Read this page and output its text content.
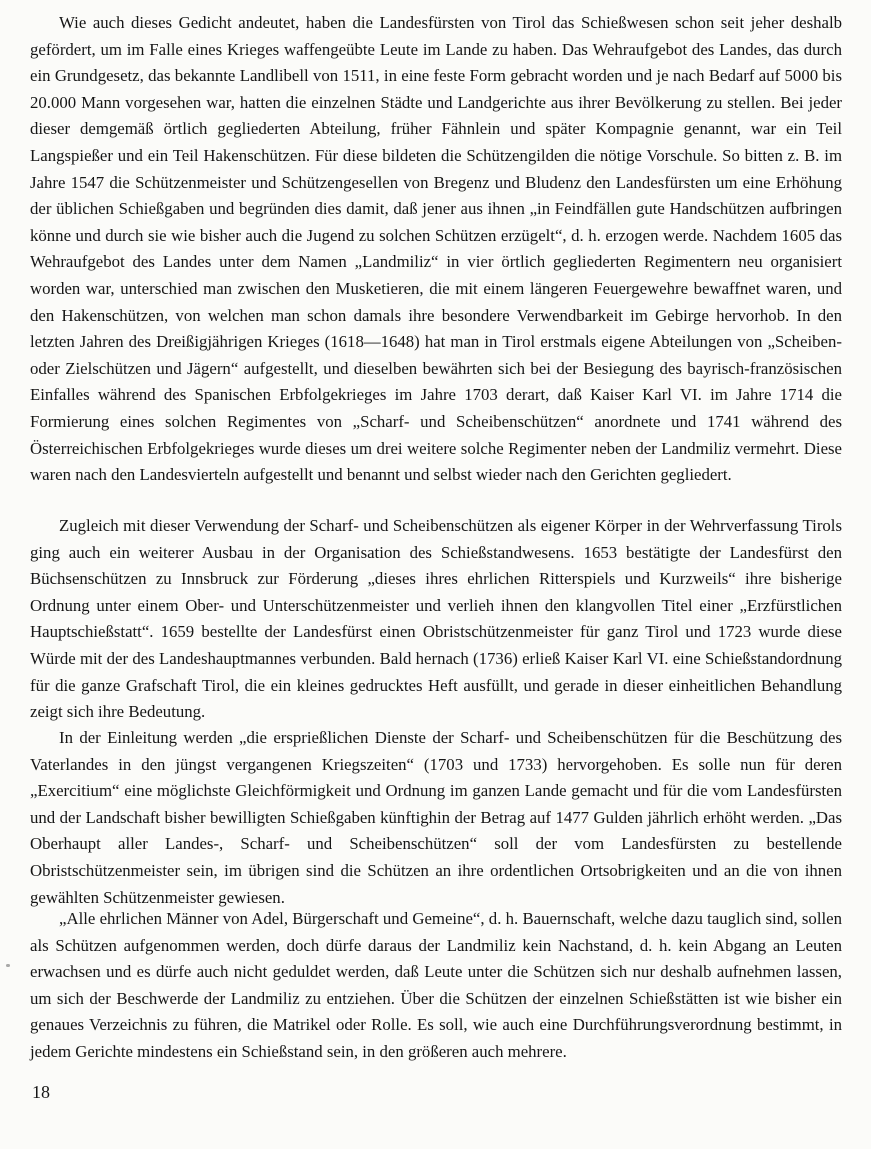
Wie auch dieses Gedicht andeutet, haben die Landesfürsten von Tirol das Schießwesen schon seit jeher deshalb gefördert, um im Falle eines Krieges waffengeübte Leute im Lande zu haben. Das Wehraufgebot des Landes, das durch ein Grundgesetz, das bekannte Landlibell von 1511, in eine feste Form gebracht worden und je nach Bedarf auf 5000 bis 20.000 Mann vorgesehen war, hatten die einzelnen Städte und Landgerichte aus ihrer Bevölkerung zu stellen. Bei jeder dieser demgemäß örtlich gegliederten Abteilung, früher Fähnlein und später Kompagnie genannt, war ein Teil Langspießer und ein Teil Hakenschützen. Für diese bildeten die Schützengilden die nötige Vorschule. So bitten z. B. im Jahre 1547 die Schützenmeister und Schützengesellen von Bregenz und Bludenz den Landesfürsten um eine Erhöhung der üblichen Schießgaben und begründen dies damit, daß jener aus ihnen „in Feindfällen gute Handschützen aufbringen könne und durch sie wie bisher auch die Jugend zu solchen Schützen erzügelt“, d. h. erzogen werde. Nachdem 1605 das Wehraufgebot des Landes unter dem Namen „Landmiliz“ in vier örtlich gegliederten Regimentern neu organisiert worden war, unterschied man zwischen den Musketieren, die mit einem längeren Feuergewehre bewaffnet waren, und den Hakenschützen, von welchen man schon damals ihre besondere Verwendbarkeit im Gebirge hervorhob. In den letzten Jahren des Dreißigjährigen Krieges (1618—1648) hat man in Tirol erstmals eigene Abteilungen von „Scheiben- oder Zielschützen und Jägern“ aufgestellt, und dieselben bewährten sich bei der Besiegung des bayrisch-französischen Einfalles während des Spanischen Erbfolgekrieges im Jahre 1703 derart, daß Kaiser Karl VI. im Jahre 1714 die Formierung eines solchen Regimentes von „Scharf- und Scheibenschützen“ anordnete und 1741 während des Österreichischen Erbfolgekrieges wurde dieses um drei weitere solche Regimenter neben der Landmiliz vermehrt. Diese waren nach den Landesvierteln aufgestellt und benannt und selbst wieder nach den Gerichten gegliedert.

Zugleich mit dieser Verwendung der Scharf- und Scheibenschützen als eigener Körper in der Wehrverfassung Tirols ging auch ein weiterer Ausbau in der Organisation des Schießstandwesens. 1653 bestätigte der Landesfürst den Büchsenschützen zu Innsbruck zur Förderung „dieses ihres ehrlichen Ritterspiels und Kurzweils“ ihre bisherige Ordnung unter einem Ober- und Unterschützenmeister und verlieh ihnen den klangvollen Titel einer „Erzfürstlichen Hauptschießstatt“. 1659 bestellte der Landesfürst einen Obristschützenmeister für ganz Tirol und 1723 wurde diese Würde mit der des Landeshauptmannes verbunden. Bald hernach (1736) erließ Kaiser Karl VI. eine Schießstandordnung für die ganze Grafschaft Tirol, die ein kleines gedrucktes Heft ausfüllt, und gerade in dieser einheitlichen Behandlung zeigt sich ihre Bedeutung.

In der Einleitung werden „die ersprießlichen Dienste der Scharf- und Scheibenschützen für die Beschützung des Vaterlandes in den jüngst vergangenen Kriegszeiten“ (1703 und 1733) hervorgehoben. Es solle nun für deren „Exercitium“ eine möglichste Gleichförmigkeit und Ordnung im ganzen Lande gemacht und für die vom Landesfürsten und der Landschaft bisher bewilligten Schießgaben künftighin der Betrag auf 1477 Gulden jährlich erhöht werden. „Das Oberhaupt aller Landes-, Scharf- und Scheibenschützen“ soll der vom Landesfürsten zu bestellende Obristschützenmeister sein, im übrigen sind die Schützen an ihre ordentlichen Ortsobrigkeiten und an die von ihnen gewählten Schützenmeister gewiesen.

„Alle ehrlichen Männer von Adel, Bürgerschaft und Gemeine“, d. h. Bauernschaft, welche dazu tauglich sind, sollen als Schützen aufgenommen werden, doch dürfe daraus der Landmiliz kein Nachstand, d. h. kein Abgang an Leuten erwachsen und es dürfe auch nicht geduldet werden, daß Leute unter die Schützen sich nur deshalb aufnehmen lassen, um sich der Beschwerde der Landmiliz zu entziehen. Über die Schützen der einzelnen Schießstätten ist wie bisher ein genaues Verzeichnis zu führen, die Matrikel oder Rolle. Es soll, wie auch eine Durchführungsverordnung bestimmt, in jedem Gerichte mindestens ein Schießstand sein, in den größeren auch mehrere.

18
